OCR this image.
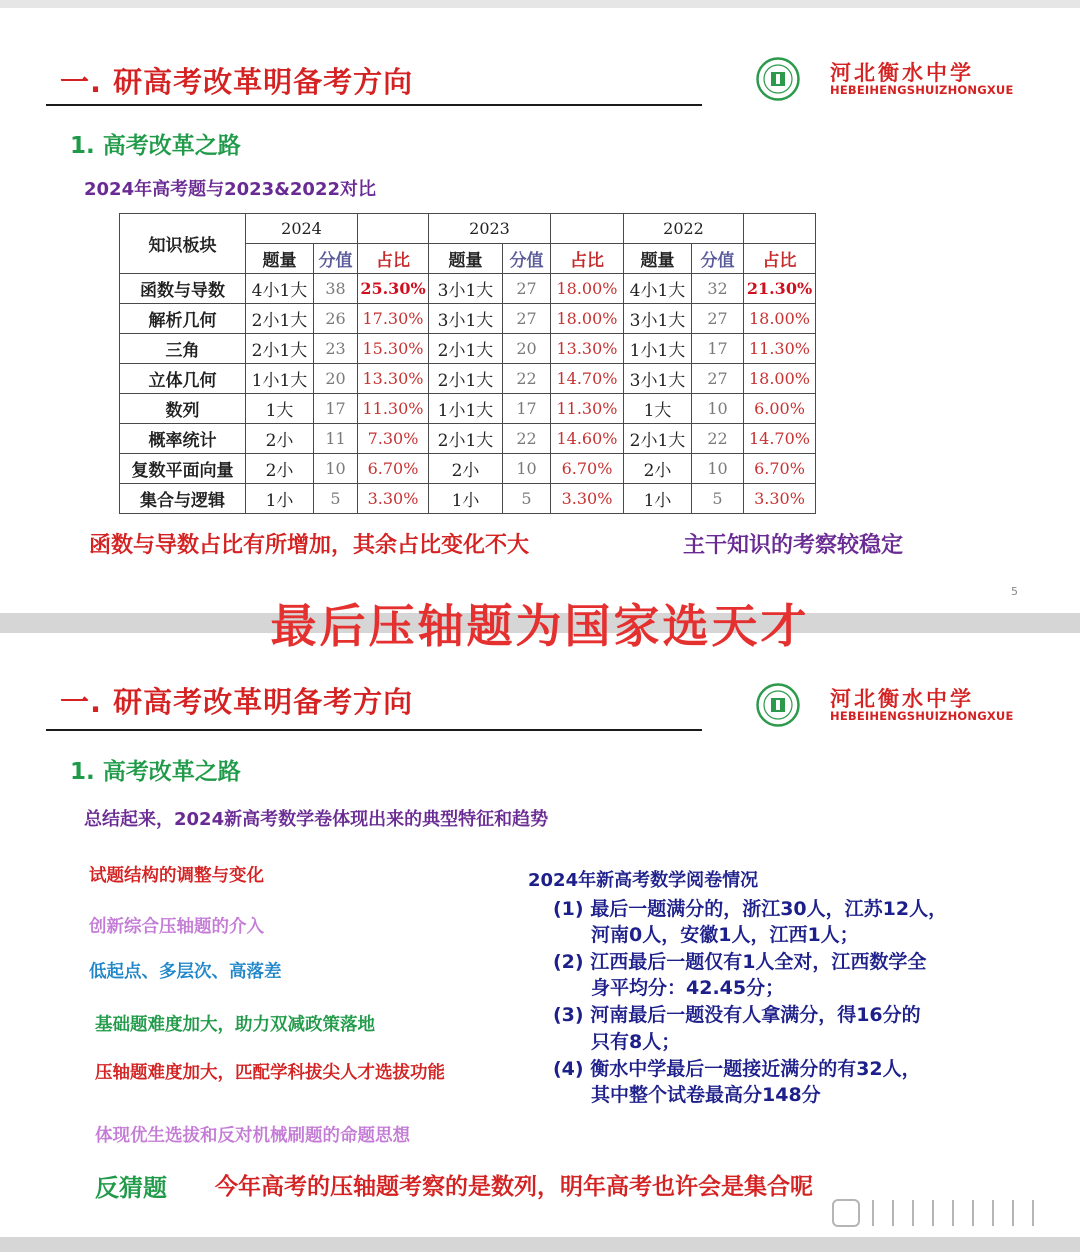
一. 研高考改革明备考方向	河北衡水中学
HEBEIHENGSHUIZHONGXUE
1. 高考改革之路
2024年高考题与2023&2022对比
知识板块	2024			2023			2022		
	题量	分值	占比	题量	分值	占比	题量	分值	占比
函数与导数	4小1大	38	25.30%	3小1大	27	18.00%	4小1大	32	21.30%
解析几何	2小1大	26	17.30%	3小1大	27	18.00%	3小1大	27	18.00%
三角	2小1大	23	15.30%	2小1大	20	13.30%	1小1大	17	11.30%
立体几何	1小1大	20	13.30%	2小1大	22	14.70%	3小1大	27	18.00%
数列	1大	17	11.30%	1小1大	17	11.30%	1大	10	6.00%
概率统计	2小	11	7.30%	2小1大	22	14.60%	2小1大	22	14.70%
复数平面向量	2小	10	6.70%	2小	10	6.70%	2小	10	6.70%
集合与逻辑	1小	5	3.30%	1小	5	3.30%	1小	5	3.30%
函数与导数占比有所增加，其余占比变化不大	主干知识的考察较稳定
5
一. 研高考改革明备考方向	河北衡水中学
HEBEIHENGSHUIZHONGXUE
1. 高考改革之路
总结起来，2024新高考数学卷体现出来的典型特征和趋势
试题结构的调整与变化
创新综合压轴题的介入
低起点、多层次、高落差
基础题难度加大，助力双减政策落地
压轴题难度加大，匹配学科拔尖人才选拔功能
体现优生选拔和反对机械刷题的命题思想
2024年新高考数学阅卷情况
(1) 最后一题满分的，浙江30人，江苏12人，
河南0人，安徽1人，江西1人；
(2) 江西最后一题仅有1人全对，江西数学全
身平均分：42.45分；
(3) 河南最后一题没有人拿满分，得16分的
只有8人；
(4) 衡水中学最后一题接近满分的有32人，
其中整个试卷最高分148分
反猜题 今年高考的压轴题考察的是数列，明年高考也许会是集合呢
最后压轴题为国家选天才
